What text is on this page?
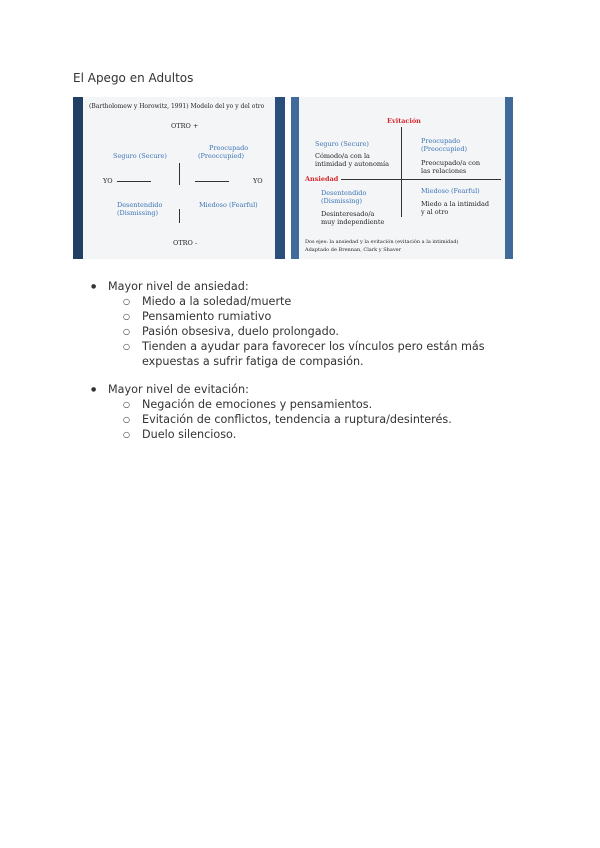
El Apego en Adultos
(Bartholomew y Horowitz, 1991) Modelo del yo y del otro
OTRO +
Preocupado
(Preoccupied)
Seguro (Secure)
YO	YO
Desentendido
(Dismissing)
Miedoso (Fearful)
OTRO -
Evitación
Seguro (Secure)
Cómodo/a con la
intimidad y autonomía
Preocupado
(Preoccupied)
Preocupado/a con
las relaciones
Ansiedad
Desentendido
(Dismissing)
Desinteresado/a
muy independiente
Miedoso (Fearful)
Miedo a la intimidad
y al otro
Dos ejes: la ansiedad y la evitación (evitación a la intimidad)
Adaptado de Brennan, Clark y Shaver
● Mayor nivel de ansiedad:
○ Miedo a la soledad/muerte
○ Pensamiento rumiativo
○ Pasión obsesiva, duelo prolongado.
○ Tienden a ayudar para favorecer los vínculos pero están más expuestas a sufrir fatiga de compasión.
● Mayor nivel de evitación:
○ Negación de emociones y pensamientos.
○ Evitación de conflictos, tendencia a ruptura/desinterés.
○ Duelo silencioso.
